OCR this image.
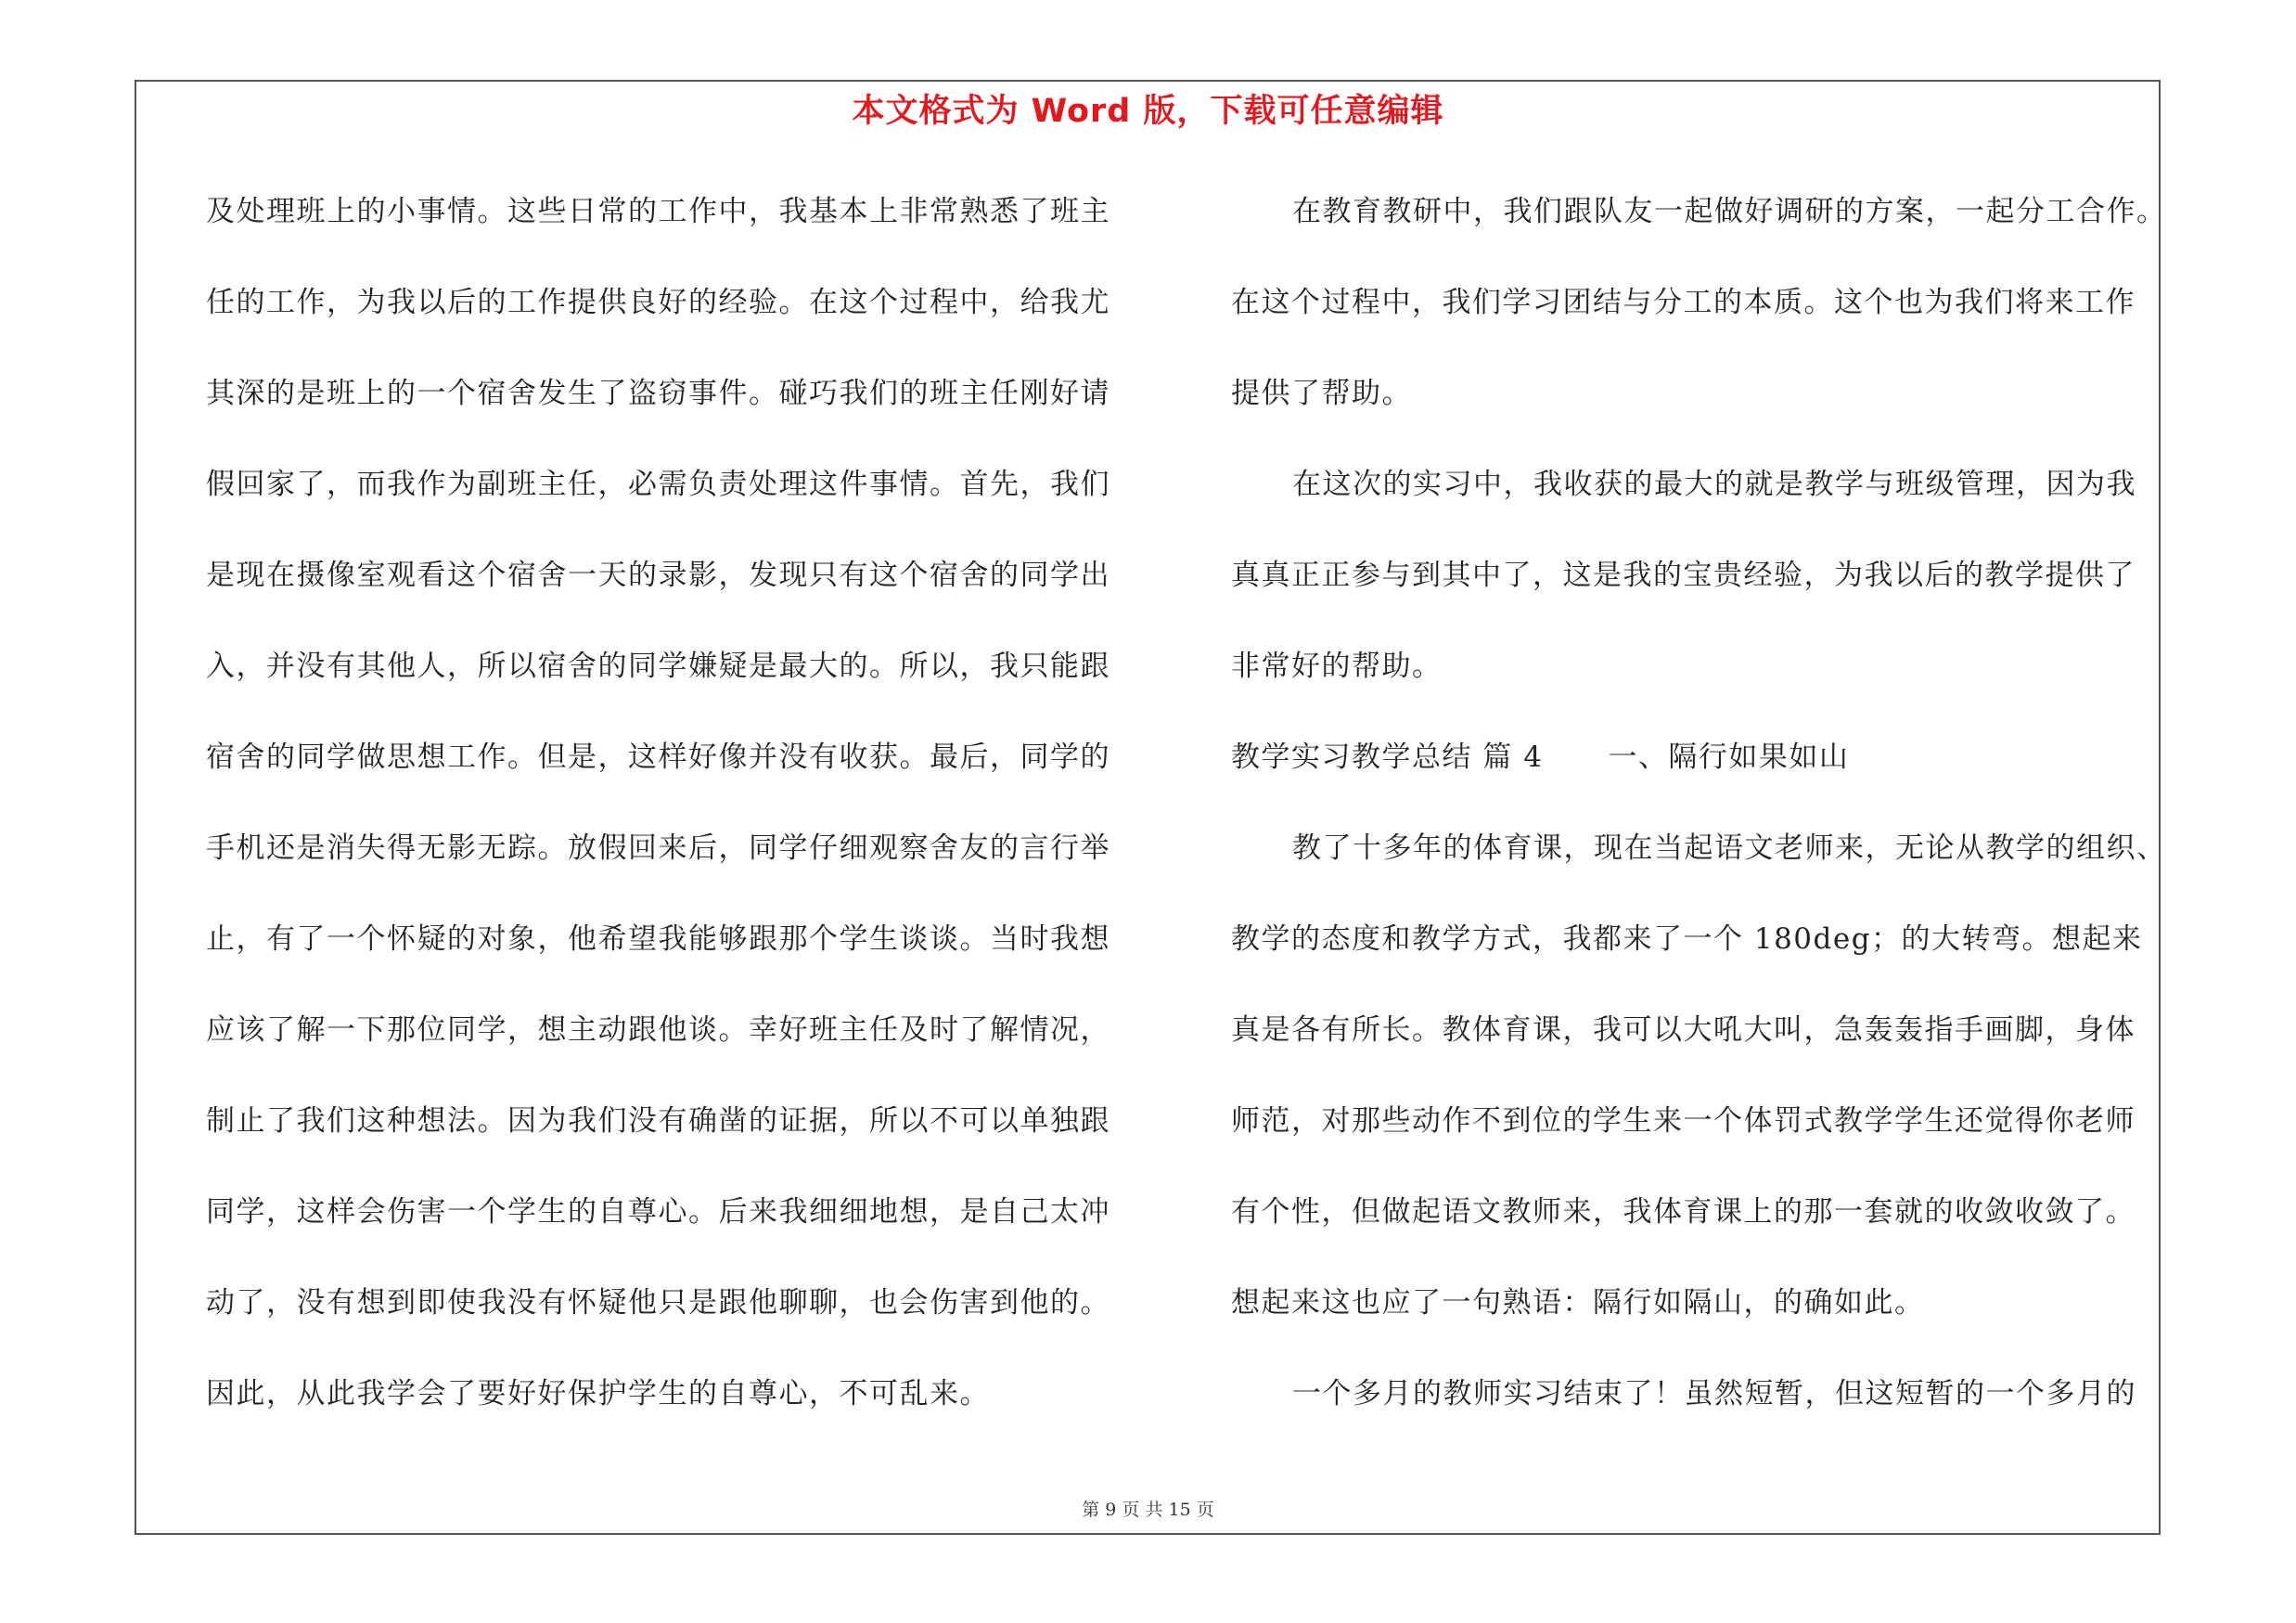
本文格式为 Word 版，下载可任意编辑
及处理班上的小事情。这些日常的工作中，我基本上非常熟悉了班主
任的工作，为我以后的工作提供良好的经验。在这个过程中，给我尤
其深的是班上的一个宿舍发生了盗窃事件。碰巧我们的班主任刚好请
假回家了，而我作为副班主任，必需负责处理这件事情。首先，我们
是现在摄像室观看这个宿舍一天的录影，发现只有这个宿舍的同学出
入，并没有其他人，所以宿舍的同学嫌疑是最大的。所以，我只能跟
宿舍的同学做思想工作。但是，这样好像并没有收获。最后，同学的
手机还是消失得无影无踪。放假回来后，同学仔细观察舍友的言行举
止，有了一个怀疑的对象，他希望我能够跟那个学生谈谈。当时我想
应该了解一下那位同学，想主动跟他谈。幸好班主任及时了解情况，
制止了我们这种想法。因为我们没有确凿的证据，所以不可以单独跟
同学，这样会伤害一个学生的自尊心。后来我细细地想，是自己太冲
动了，没有想到即使我没有怀疑他只是跟他聊聊，也会伤害到他的。
因此，从此我学会了要好好保护学生的自尊心，不可乱来。
在教育教研中，我们跟队友一起做好调研的方案，一起分工合作。
在这个过程中，我们学习团结与分工的本质。这个也为我们将来工作
提供了帮助。
在这次的实习中，我收获的最大的就是教学与班级管理，因为我
真真正正参与到其中了，这是我的宝贵经验，为我以后的教学提供了
非常好的帮助。
教学实习教学总结 篇 4 一、隔行如果如山
教了十多年的体育课，现在当起语文老师来，无论从教学的组织、
教学的态度和教学方式，我都来了一个 180deg；的大转弯。想起来
真是各有所长。教体育课，我可以大吼大叫，急轰轰指手画脚，身体
师范，对那些动作不到位的学生来一个体罚式教学学生还觉得你老师
有个性，但做起语文教师来，我体育课上的那一套就的收敛收敛了。
想起来这也应了一句熟语：隔行如隔山，的确如此。
一个多月的教师实习结束了！虽然短暂，但这短暂的一个多月的
第 9 页 共 15 页
